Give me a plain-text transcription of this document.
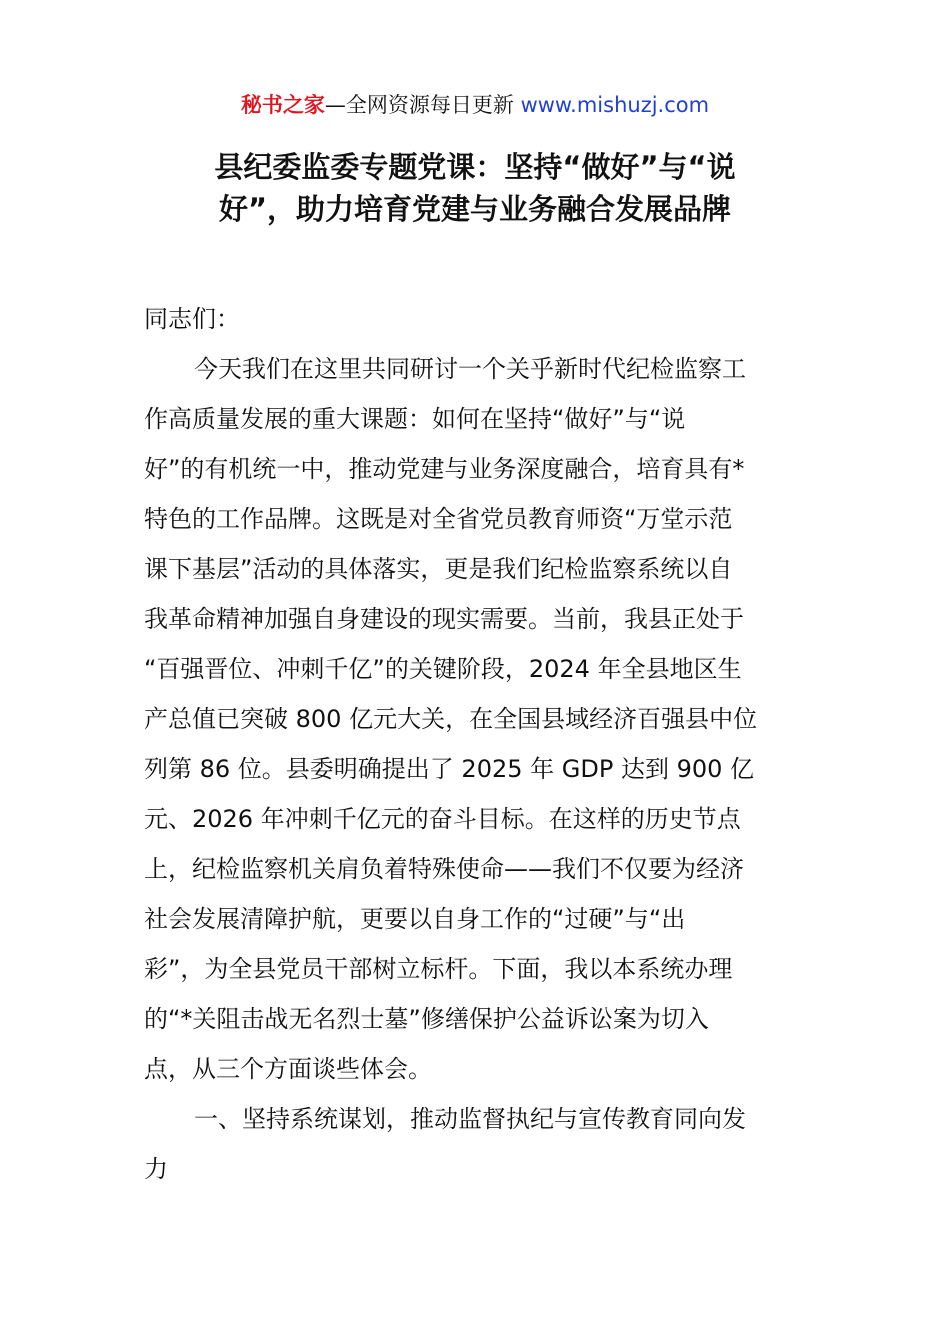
秘书之家—全网资源每日更新 www.mishuzj.com
县纪委监委专题党课：坚持“做好”与“说
好”，助力培育党建与业务融合发展品牌
同志们：
今天我们在这里共同研讨一个关乎新时代纪检监察工
作高质量发展的重大课题：如何在坚持“做好”与“说
好”的有机统一中，推动党建与业务深度融合，培育具有*
特色的工作品牌。这既是对全省党员教育师资“万堂示范
课下基层”活动的具体落实，更是我们纪检监察系统以自
我革命精神加强自身建设的现实需要。当前，我县正处于
“百强晋位、冲刺千亿”的关键阶段，2024 年全县地区生
产总值已突破 800 亿元大关，在全国县域经济百强县中位
列第 86 位。县委明确提出了 2025 年 GDP 达到 900 亿
元、2026 年冲刺千亿元的奋斗目标。在这样的历史节点
上，纪检监察机关肩负着特殊使命——我们不仅要为经济
社会发展清障护航，更要以自身工作的“过硬”与“出
彩”，为全县党员干部树立标杆。下面，我以本系统办理
的“*关阻击战无名烈士墓”修缮保护公益诉讼案为切入
点，从三个方面谈些体会。
一、坚持系统谋划，推动监督执纪与宣传教育同向发
力
